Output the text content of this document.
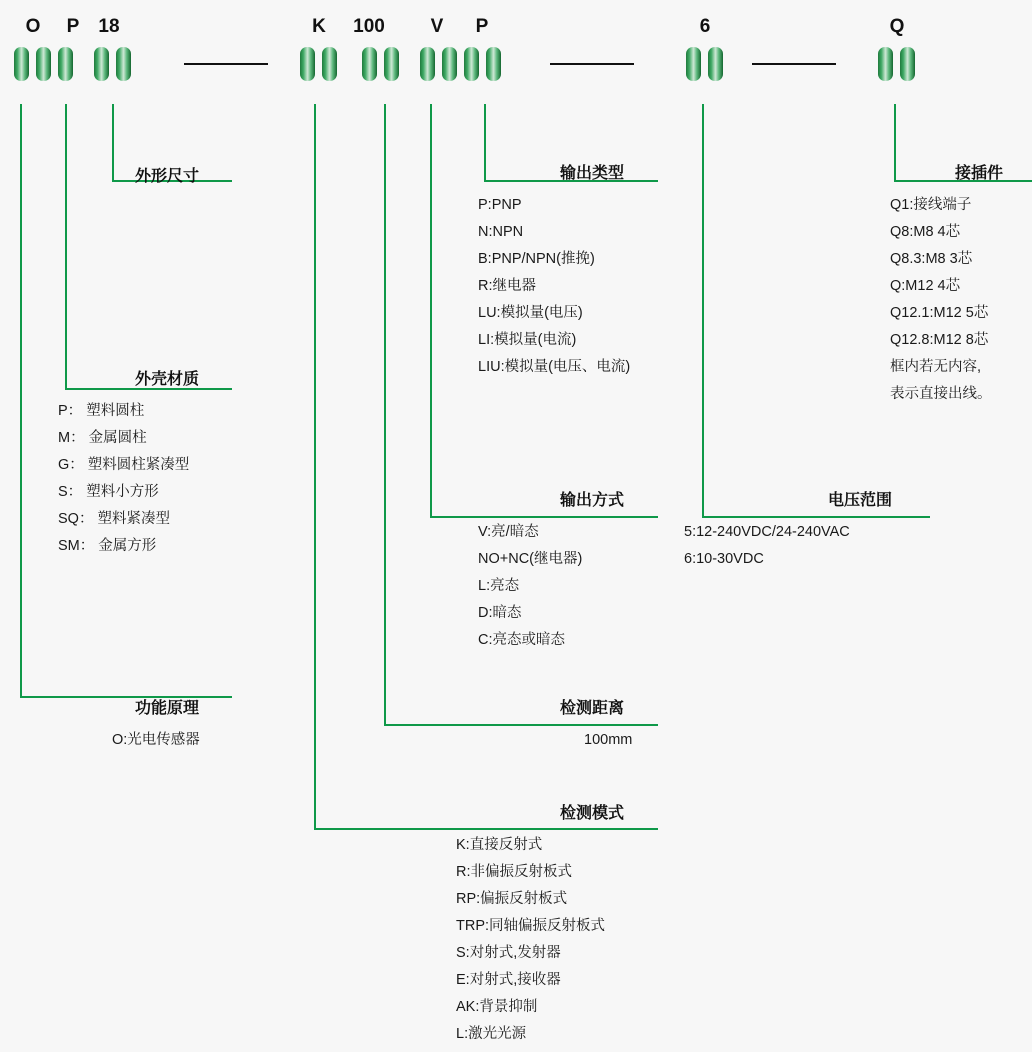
O	P	18	K	100	V	P	6	Q
外形尺寸
外壳材质
P： 塑料圆柱
M： 金属圆柱
G： 塑料圆柱紧凑型
S： 塑料小方形
SQ： 塑料紧凑型
SM： 金属方形
功能原理
O:光电传感器
检测模式
K:直接反射式
R:非偏振反射板式
RP:偏振反射板式
TRP:同轴偏振反射板式
S:对射式,发射器
E:对射式,接收器
AK:背景抑制
L:激光光源
检测距离
100mm
输出方式
V:亮/暗态
NO+NC(继电器)
L:亮态
D:暗态
C:亮态或暗态
输出类型
P:PNP
N:NPN
B:PNP/NPN(推挽)
R:继电器
LU:模拟量(电压)
LI:模拟量(电流)
LIU:模拟量(电压、电流)
电压范围
5:12-240VDC/24-240VAC
6:10-30VDC
接插件
Q1:接线端子
Q8:M8 4芯
Q8.3:M8 3芯
Q:M12 4芯
Q12.1:M12 5芯
Q12.8:M12 8芯
框内若无内容,
表示直接出线。
